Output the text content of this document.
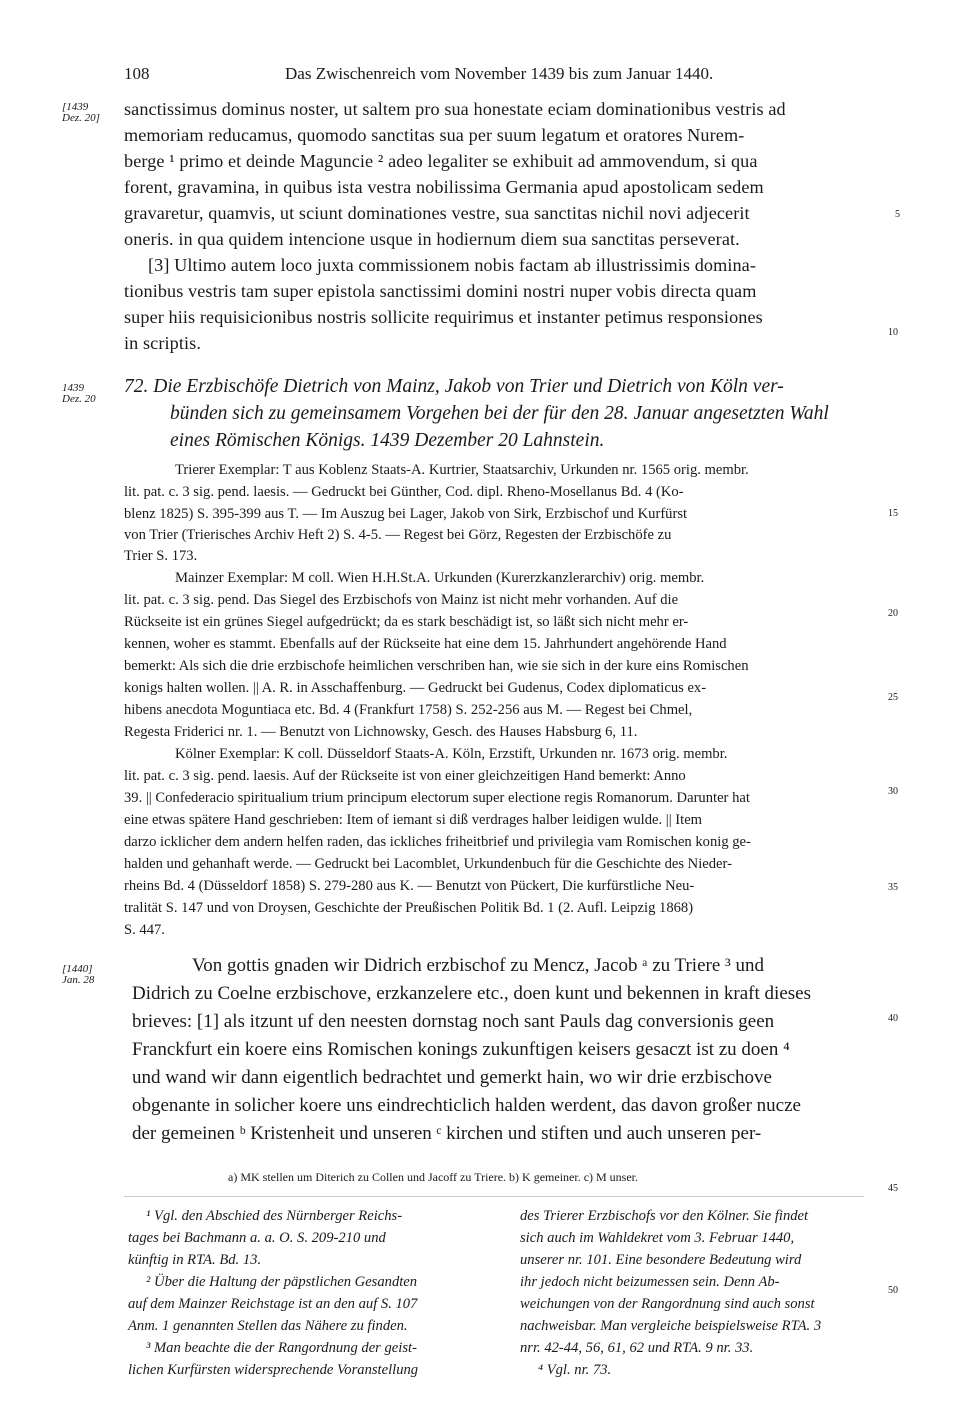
108	Das Zwischenreich vom November 1439 bis zum Januar 1440.
[1439
Dez. 20]
1439
Dez. 20
[1440]
Jan. 28
5
10
15
20
25
30
35
40
45
50
sanctissimus dominus noster, ut saltem pro sua honestate eciam dominationibus vestris ad
memoriam reducamus, quomodo sanctitas sua per suum legatum et oratores Nurem-
berge ¹ primo et deinde Maguncie ² adeo legaliter se exhibuit ad ammovendum, si qua
forent, gravamina, in quibus ista vestra nobilissima Germania apud apostolicam sedem
gravaretur, quamvis, ut sciunt dominationes vestre, sua sanctitas nichil novi adjecerit
oneris. in qua quidem intencione usque in hodiernum diem sua sanctitas perseverat.
[3] Ultimo autem loco juxta commissionem nobis factam ab illustrissimis domina-
tionibus vestris tam super epistola sanctissimi domini nostri nuper vobis directa quam
super hiis requisicionibus nostris sollicite requirimus et instanter petimus responsiones
in scriptis.
72. Die Erzbischöfe Dietrich von Mainz, Jakob von Trier und Dietrich von Köln ver-
bünden sich zu gemeinsamem Vorgehen bei der für den 28. Januar angesetzten Wahl
eines Römischen Königs. 1439 Dezember 20 Lahnstein.
Trierer Exemplar: T aus Koblenz Staats-A. Kurtrier, Staatsarchiv, Urkunden nr. 1565 orig. membr.
lit. pat. c. 3 sig. pend. laesis. — Gedruckt bei Günther, Cod. dipl. Rheno-Mosellanus Bd. 4 (Ko-
blenz 1825) S. 395-399 aus T. — Im Auszug bei Lager, Jakob von Sirk, Erzbischof und Kurfürst
von Trier (Trierisches Archiv Heft 2) S. 4-5. — Regest bei Görz, Regesten der Erzbischöfe zu
Trier S. 173.
Mainzer Exemplar: M coll. Wien H.H.St.A. Urkunden (Kurerzkanzlerarchiv) orig. membr.
lit. pat. c. 3 sig. pend. Das Siegel des Erzbischofs von Mainz ist nicht mehr vorhanden. Auf die
Rückseite ist ein grünes Siegel aufgedrückt; da es stark beschädigt ist, so läßt sich nicht mehr er-
kennen, woher es stammt. Ebenfalls auf der Rückseite hat eine dem 15. Jahrhundert angehörende Hand
bemerkt: Als sich die drie erzbischofe heimlichen verschriben han, wie sie sich in der kure eins Romischen
konigs halten wollen. || A. R. in Asschaffenburg. — Gedruckt bei Gudenus, Codex diplomaticus ex-
hibens anecdota Moguntiaca etc. Bd. 4 (Frankfurt 1758) S. 252-256 aus M. — Regest bei Chmel,
Regesta Friderici nr. 1. — Benutzt von Lichnowsky, Gesch. des Hauses Habsburg 6, 11.
Kölner Exemplar: K coll. Düsseldorf Staats-A. Köln, Erzstift, Urkunden nr. 1673 orig. membr.
lit. pat. c. 3 sig. pend. laesis. Auf der Rückseite ist von einer gleichzeitigen Hand bemerkt: Anno
39. || Confederacio spiritualium trium principum electorum super electione regis Romanorum. Darunter hat
eine etwas spätere Hand geschrieben: Item of iemant si diß verdrages halber leidigen wulde. || Item
darzo icklicher dem andern helfen raden, das ickliches friheitbrief und privilegia vam Romischen konig ge-
halden und gehanhaft werde. — Gedruckt bei Lacomblet, Urkundenbuch für die Geschichte des Nieder-
rheins Bd. 4 (Düsseldorf 1858) S. 279-280 aus K. — Benutzt von Pückert, Die kurfürstliche Neu-
tralität S. 147 und von Droysen, Geschichte der Preußischen Politik Bd. 1 (2. Aufl. Leipzig 1868)
S. 447.
Von gottis gnaden wir Didrich erzbischof zu Mencz, Jacob ᵃ zu Triere ³ und
Didrich zu Coelne erzbischove, erzkanzelere etc., doen kunt und bekennen in kraft dieses
brieves: [1] als itzunt uf den neesten dornstag noch sant Pauls dag conversionis geen
Franckfurt ein koere eins Romischen konings zukunftigen keisers gesaczt ist zu doen ⁴
und wand wir dann eigentlich bedrachtet und gemerkt hain, wo wir drie erzbischove
obgenante in solicher koere uns eindrechticlich halden werdent, das davon großer nucze
der gemeinen ᵇ Kristenheit und unseren ᶜ kirchen und stiften und auch unseren per-
a) MK stellen um Diterich zu Collen und Jacoff zu Triere. b) K gemeiner. c) M unser.
¹ Vgl. den Abschied des Nürnberger Reichs-
tages bei Bachmann a. a. O. S. 209-210 und
künftig in RTA. Bd. 13.
² Über die Haltung der päpstlichen Gesandten
auf dem Mainzer Reichstage ist an den auf S. 107
Anm. 1 genannten Stellen das Nähere zu finden.
³ Man beachte die der Rangordnung der geist-
lichen Kurfürsten widersprechende Voranstellung
des Trierer Erzbischofs vor den Kölner. Sie findet
sich auch im Wahldekret vom 3. Februar 1440,
unserer nr. 101. Eine besondere Bedeutung wird
ihr jedoch nicht beizumessen sein. Denn Ab-
weichungen von der Rangordnung sind auch sonst
nachweisbar. Man vergleiche beispielsweise RTA. 3
nrr. 42-44, 56, 61, 62 und RTA. 9 nr. 33.
⁴ Vgl. nr. 73.
